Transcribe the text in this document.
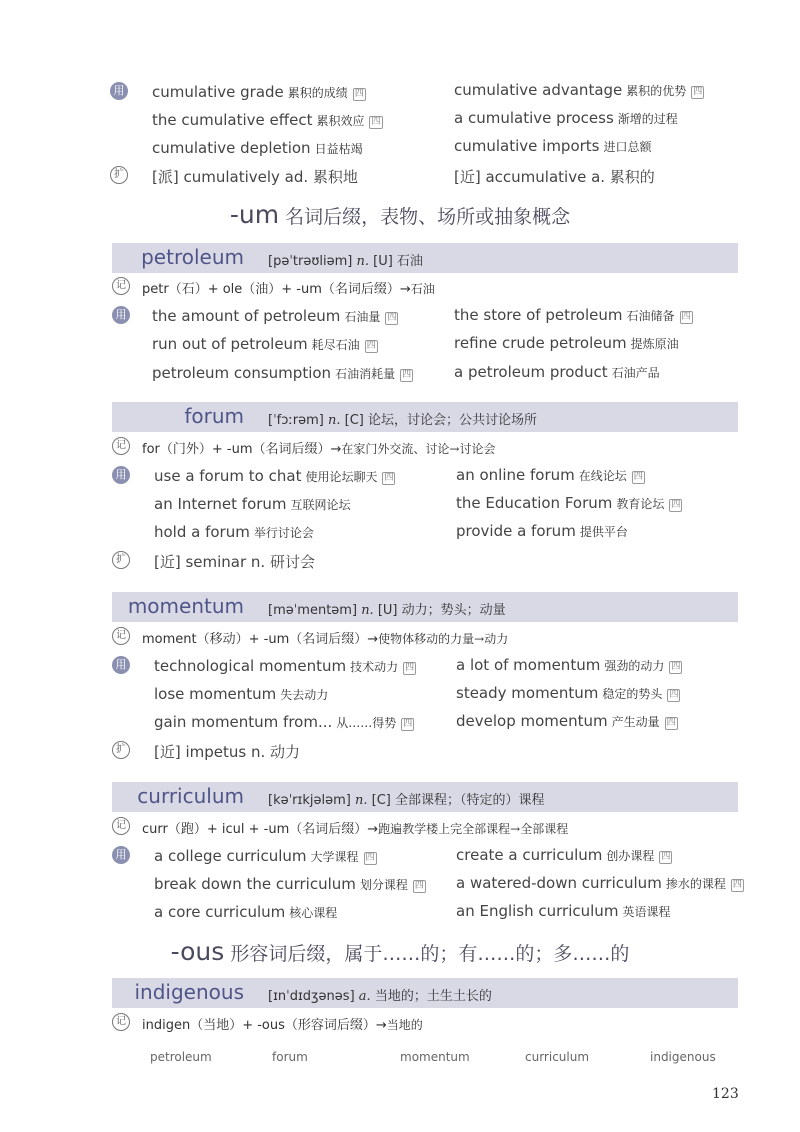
用 cumulative grade 累积的成绩 四	cumulative advantage 累积的优势 四
the cumulative effect 累积效应 四	a cumulative process 渐增的过程
cumulative depletion 日益枯竭	cumulative imports 进口总额
扩 [派] cumulatively ad. 累积地	[近] accumulative a. 累积的
-um 名词后缀，表物、场所或抽象概念
petroleum [pəˈtrəʊliəm] n. [U] 石油
记	petr（石）+ ole（油）+ -um（名词后缀）→石油
用 the amount of petroleum 石油量 四	the store of petroleum 石油储备 四
run out of petroleum 耗尽石油 四	refine crude petroleum 提炼原油
petroleum consumption 石油消耗量 四	a petroleum product 石油产品
forum [ˈfɔːrəm] n. [C] 论坛，讨论会；公共讨论场所
记	for（门外）+ -um（名词后缀）→在家门外交流、讨论→讨论会
用 use a forum to chat 使用论坛聊天 四	an online forum 在线论坛 四
an Internet forum 互联网论坛	the Education Forum 教育论坛 四
hold a forum 举行讨论会	provide a forum 提供平台
扩 [近] seminar n. 研讨会
momentum [məˈmentəm] n. [U] 动力；势头；动量
记	moment（移动）+ -um（名词后缀）→使物体移动的力量→动力
用 technological momentum 技术动力 四	a lot of momentum 强劲的动力 四
lose momentum 失去动力	steady momentum 稳定的势头 四
gain momentum from... 从……得势 四	develop momentum 产生动量 四
扩 [近] impetus n. 动力
curriculum [kəˈrɪkjələm] n. [C] 全部课程；（特定的）课程
记	curr（跑）+ icul + -um（名词后缀）→跑遍教学楼上完全部课程→全部课程
用 a college curriculum 大学课程 四	create a curriculum 创办课程 四
break down the curriculum 划分课程 四 a watered-down curriculum 掺水的课程 四
a core curriculum 核心课程	an English curriculum 英语课程
-ous 形容词后缀，属于……的；有……的；多……的
indigenous [ɪnˈdɪdʒənəs] a. 当地的；土生土长的
记	indigen（当地）+ -ous（形容词后缀）→当地的
petroleum	forum	momentum	curriculum	indigenous
123
